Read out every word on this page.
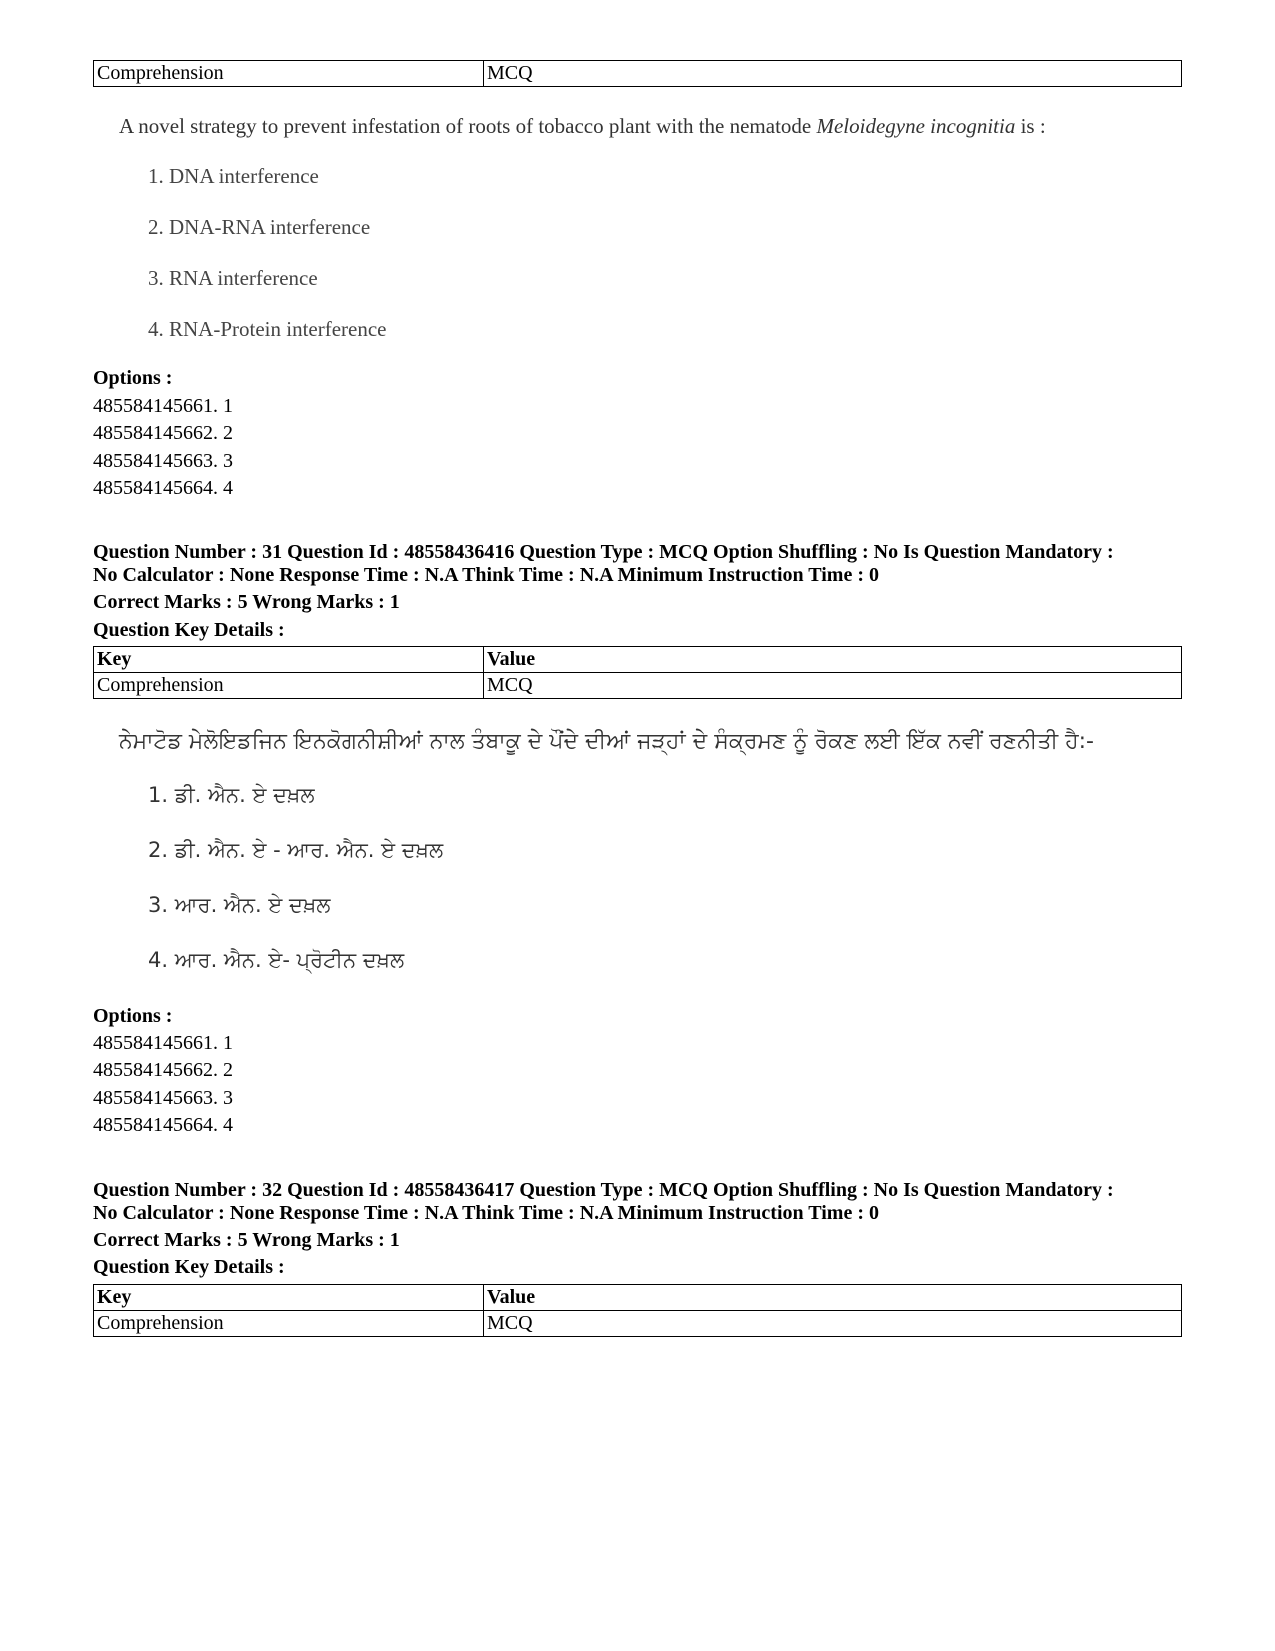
Comprehension	MCQ
A novel strategy to prevent infestation of roots of tobacco plant with the nematode Meloidegyne incognitia is :
1. DNA interference
2. DNA-RNA interference
3. RNA interference
4. RNA-Protein interference
Options :
485584145661. 1
485584145662. 2
485584145663. 3
485584145664. 4
Question Number : 31 Question Id : 48558436416 Question Type : MCQ Option Shuffling : No Is Question Mandatory :
No Calculator : None Response Time : N.A Think Time : N.A Minimum Instruction Time : 0
Correct Marks : 5 Wrong Marks : 1
Question Key Details :
Key	Value
Comprehension	MCQ
ਨੇਮਾਟੋਡ ਮੇਲੋਇਡਜਿਨ ਇਨਕੋਗਨੀਸ਼ੀਆਂ ਨਾਲ ਤੰਬਾਕੂ ਦੇ ਪੌਂਦੇ ਦੀਆਂ ਜੜ੍ਹਾਂ ਦੇ ਸੰਕ੍ਰਮਣ ਨੂੰ ਰੋਕਣ ਲਈ ਇੱਕ ਨਵੀਂ ਰਣਨੀਤੀ ਹੈ:-
1. ਡੀ. ਐਨ. ਏ ਦਖ਼ਲ
2. ਡੀ. ਐਨ. ਏ - ਆਰ. ਐਨ. ਏ ਦਖ਼ਲ
3. ਆਰ. ਐਨ. ਏ ਦਖ਼ਲ
4. ਆਰ. ਐਨ. ਏ- ਪ੍ਰੋਟੀਨ ਦਖ਼ਲ
Options :
485584145661. 1
485584145662. 2
485584145663. 3
485584145664. 4
Question Number : 32 Question Id : 48558436417 Question Type : MCQ Option Shuffling : No Is Question Mandatory :
No Calculator : None Response Time : N.A Think Time : N.A Minimum Instruction Time : 0
Correct Marks : 5 Wrong Marks : 1
Question Key Details :
Key	Value
Comprehension	MCQ
